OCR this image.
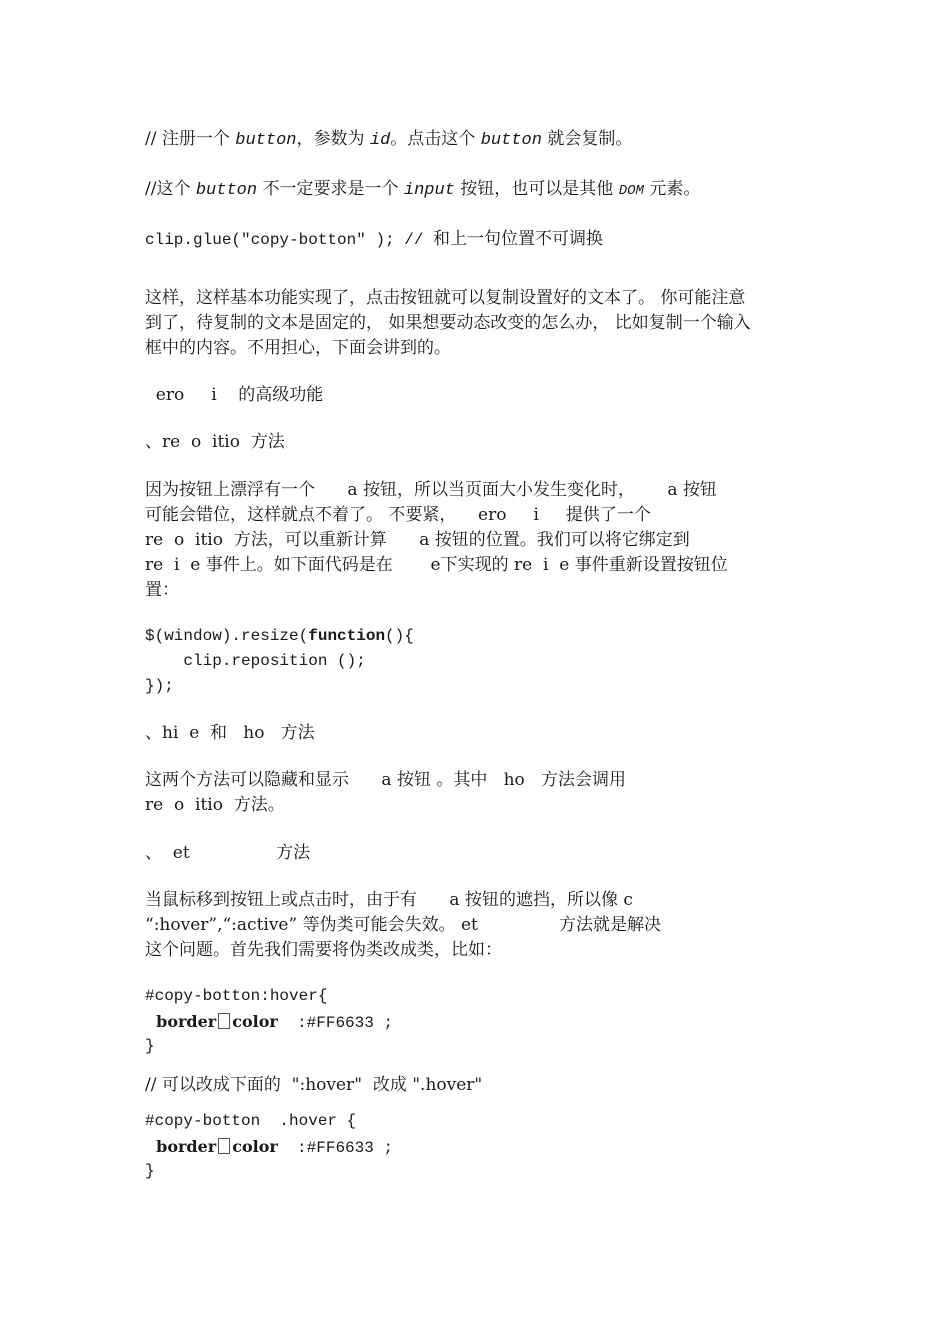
// 注册一个 button，参数为 id。点击这个 button 就会复制。
//这个 button 不一定要求是一个 input 按钮，也可以是其他 DOM 元素。
clip.glue("copy-botton" ); // 和上一句位置不可调换
这样，这样基本功能实现了，点击按钮就可以复制设置好的文本了。 你可能注意
到了，待复制的文本是固定的， 如果想要动态改变的怎么办， 比如复制一个输入
框中的内容。不用担心，下面会讲到的。
ero     i    的高级功能
、re  o  itio  方法
因为按钮上漂浮有一个      a 按钮，所以当页面大小发生变化时，      a 按钮
可能会错位，这样就点不着了。 不要紧，    ero     i     提供了一个
re  o  itio  方法，可以重新计算      a 按钮的位置。我们可以将它绑定到
re  i  e 事件上。如下面代码是在       e下实现的 re  i  e 事件重新设置按钮位
置：
$(window).resize(function(){
clip.reposition ();
});
、hi  e  和   ho   方法
这两个方法可以隐藏和显示      a 按钮 。其中   ho   方法会调用
re  o  itio  方法。
、  et                方法
当鼠标移到按钮上或点击时，由于有      a 按钮的遮挡，所以像 c
“:hover”,“:active” 等伪类可能会失效。 et               方法就是解决
这个问题。首先我们需要将伪类改成类，比如：
#copy-botton:hover{
border color  :#FF6633 ;
}
// 可以改成下面的  ":hover"  改成 ".hover"
#copy-botton  .hover {
border color  :#FF6633 ;
}
